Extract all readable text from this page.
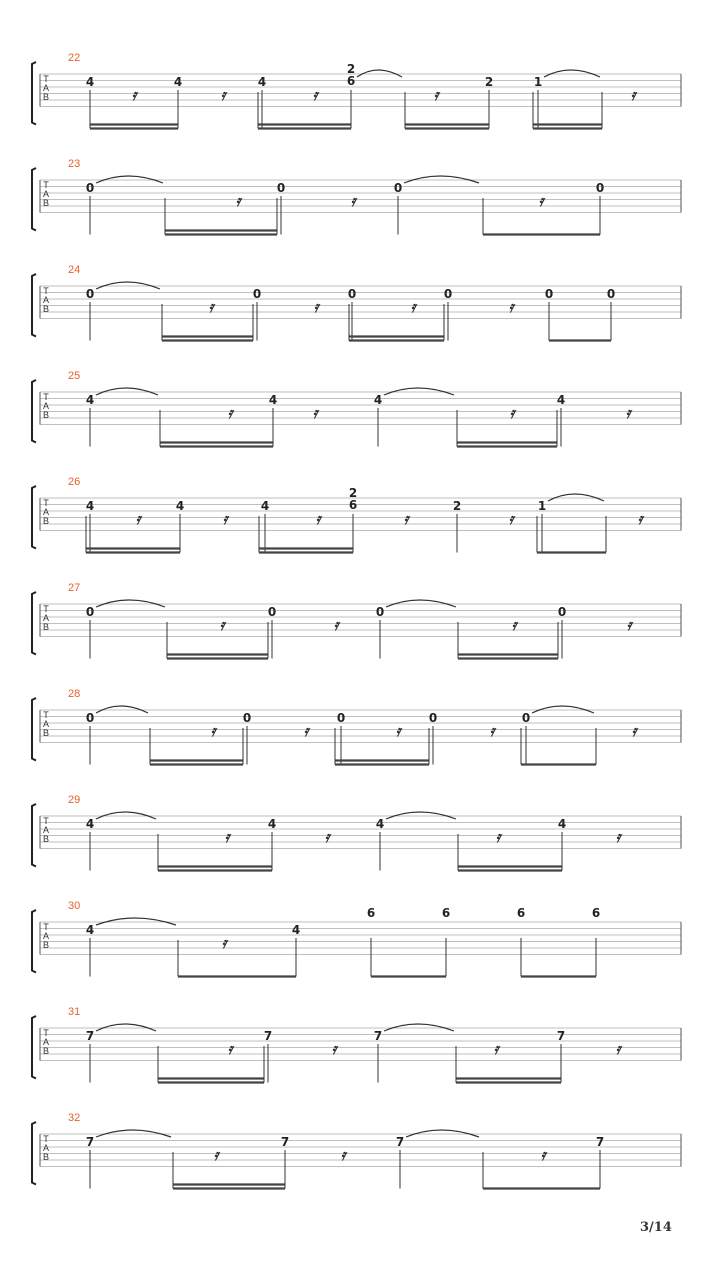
T
A
B
22
4	4	4
2
6	2	1
𝄿	𝄿	𝄿	𝄿	𝄿
T
A
B
23
0	0	0	0
𝄿	𝄿	𝄿
T
A
B
24
0	0	0	0	0	0
𝄿	𝄿	𝄿	𝄿
T
A
B
25
4	4	4	4
𝄿	𝄿	𝄿	𝄿
T
A
B
26
4	4	4
2
6	2	1
𝄿	𝄿	𝄿	𝄿	𝄿	𝄿
T
A
B
27
0	0	0	0
𝄿	𝄿	𝄿	𝄿
T
A
B
28
0	0	0	0	0
𝄿	𝄿	𝄿	𝄿	𝄿
T
A
B
29
4	4	4	4
𝄿	𝄿	𝄿	𝄿
T
A
B
30
4	4
6	6	6	6
𝄿
T
A
B
31
7	7	7	7
𝄿	𝄿	𝄿	𝄿
T
A
B
32
7	7	7	7
𝄿	𝄿	𝄿
3/14
